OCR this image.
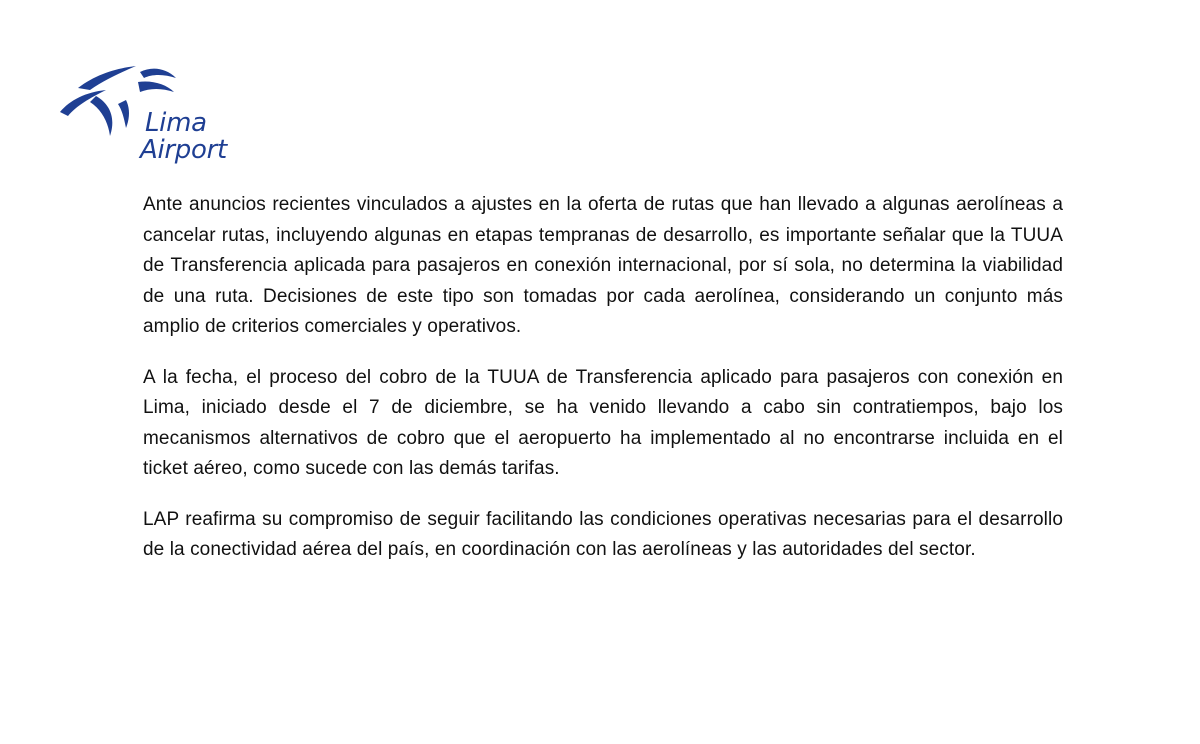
Lima
Airport

Ante anuncios recientes vinculados a ajustes en la oferta de rutas que han llevado a algunas aerolíneas a cancelar rutas, incluyendo algunas en etapas tempranas de desarrollo, es importante señalar que la TUUA de Transferencia aplicada para pasajeros en conexión internacional, por sí sola, no determina la viabilidad de una ruta. Decisiones de este tipo son tomadas por cada aerolínea, considerando un conjunto más amplio de criterios comerciales y operativos.

A la fecha, el proceso del cobro de la TUUA de Transferencia aplicado para pasajeros con conexión en Lima, iniciado desde el 7 de diciembre, se ha venido llevando a cabo sin contratiempos, bajo los mecanismos alternativos de cobro que el aeropuerto ha implementado al no encontrarse incluida en el ticket aéreo, como sucede con las demás tarifas.

LAP reafirma su compromiso de seguir facilitando las condiciones operativas necesarias para el desarrollo de la conectividad aérea del país, en coordinación con las aerolíneas y las autoridades del sector.
